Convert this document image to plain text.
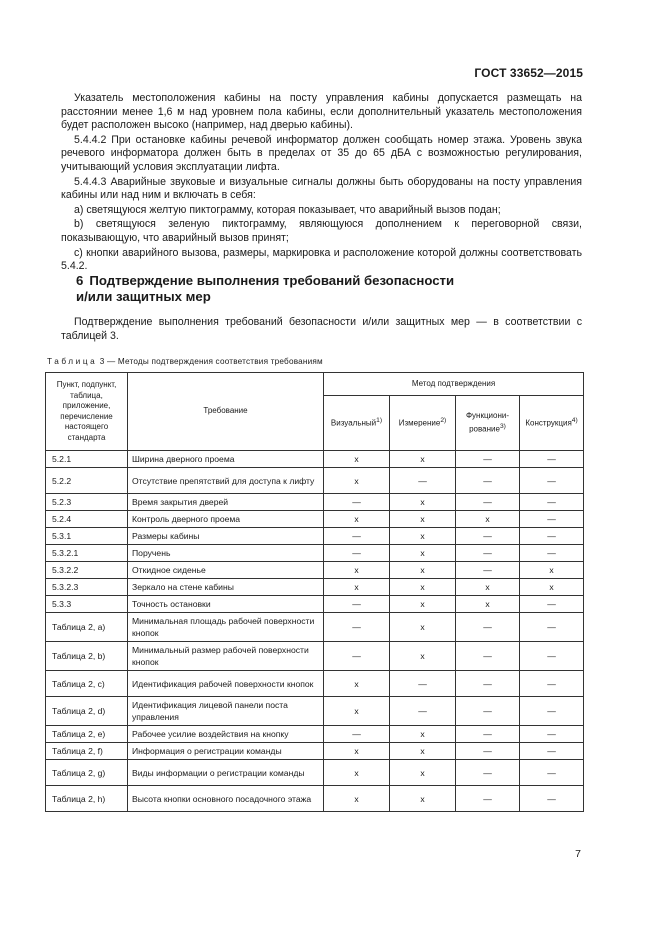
ГОСТ 33652—2015

Указатель местоположения кабины на посту управления кабины допускается размещать на расстоянии менее 1,6 м над уровнем пола кабины, если дополнительный указатель местоположения будет расположен высоко (например, над дверью кабины).

5.4.4.2 При остановке кабины речевой информатор должен сообщать номер этажа. Уровень звука речевого информатора должен быть в пределах от 35 до 65 дБА с возможностью регулирования, учитывающий условия эксплуатации лифта.

5.4.4.3 Аварийные звуковые и визуальные сигналы должны быть оборудованы на посту управления кабины или над ним и включать в себя:

a) светящуюся желтую пиктограмму, которая показывает, что аварийный вызов подан;

b) светящуюся зеленую пиктограмму, являющуюся дополнением к переговорной связи, показывающую, что аварийный вызов принят;

c) кнопки аварийного вызова, размеры, маркировка и расположение которой должны соответствовать 5.4.2.

6 Подтверждение выполнения требований безопасности
и/или защитных мер
Подтверждение выполнения требований безопасности и/или защитных мер — в соответствии с таблицей 3.
Таблица 3 — Методы подтверждения соответствия требованиям
Пункт, подпункт, таблица, приложение, перечисление настоящего стандарта	Требование	Метод подтверждения			
		Визуальный$^{1)}$	Измерение$^{2)}$	Функциони-рование$^{3)}$	Конструкция$^{4)}$
5.2.1	Ширина дверного проема	x	x	—	—
5.2.2	Отсутствие препятствий для доступа к лифту	x	—	—	—
5.2.3	Время закрытия дверей	—	x	—	—
5.2.4	Контроль дверного проема	x	x	x	—
5.3.1	Размеры кабины	—	x	—	—
5.3.2.1	Поручень	—	x	—	—
5.3.2.2	Откидное сиденье	x	x	—	x
5.3.2.3	Зеркало на стене кабины	x	x	x	x
5.3.3	Точность остановки	—	x	x	—
Таблица 2, a)	Минимальная площадь рабочей поверхности кнопок	—	x	—	—
Таблица 2, b)	Минимальный размер рабочей поверхности кнопок	—	x	—	—
Таблица 2, c)	Идентификация рабочей поверхности кнопок	x	—	—	—
Таблица 2, d)	Идентификация лицевой панели поста управления	x	—	—	—
Таблица 2, e)	Рабочее усилие воздействия на кнопку	—	x	—	—
Таблица 2, f)	Информация о регистрации команды	x	x	—	—
Таблица 2, g)	Виды информации о регистрации команды	x	x	—	—
Таблица 2, h)	Высота кнопки основного посадочного этажа	x	x	—	—
7
